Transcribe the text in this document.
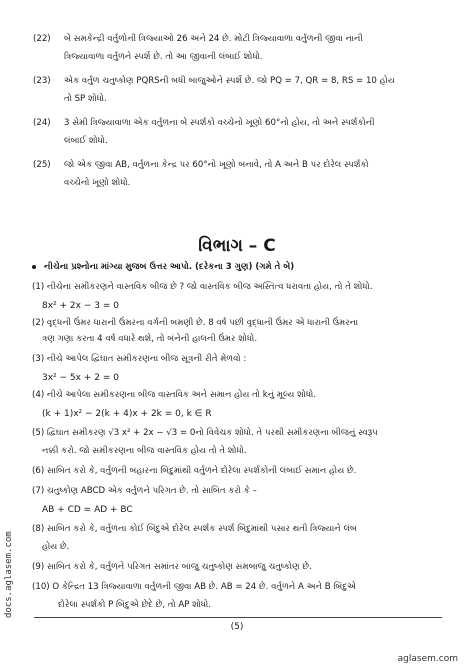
(22) બે સમકેન્દ્રી વર્તુળોની ત્રિજ્યાઓ 26 અને 24 છે. મોટી ત્રિજ્યાવાળા વર્તુળની જીવા નાની
ત્રિજ્યાવાળા વર્તુળને સ્પર્શે છે. તો આ જીવાની લંબાઈ શોધો.
(23) એક વર્તુળ ચતુષ્કોણ PQRSની બધી બાજુઓને સ્પર્શે છે. જો PQ = 7, QR = 8, RS = 10 હોય
તો SP શોધો.
(24) 3 સેમી ત્રિજ્યાવાળા એક વર્તુળના બે સ્પર્શકો વચ્ચેનો ખૂણો 60°નો હોય, તો અને સ્પર્શકોની
લંબાઈ શોધો.
(25) જો એક જીવા AB, વર્તુળના કેન્દ્ર પર 60°નો ખૂણો બનાવે, તો A અને B પર દોરેલ સ્પર્શકો
વચ્ચેનો ખૂણો શોધો.
વિભાગ – C
નીચેના પ્રશ્નોના માંગ્યા મુજબ ઉત્તર આપો. (દરેકના 3 ગુણ) (ગમે તે બે)
(1) નીચેના સમીકરણને વાસ્તવિક બીજ છે ? જો વાસ્તવિક બીજ અસ્તિત્વ ધરાવતા હોય, તો તે શોધો.
8x² + 2x − 3 = 0
(2) વૃદ્ધની ઉંમર ધારાની ઉંમરના વર્ગની બમણી છે. 8 વર્ષ પછી વૃદ્ધાની ઉંમર એ ધારાની ઉંમરના
ત્રણ ગણા કરતા 4 વર્ષ વધારે થશે, તો બંનેની હાલની ઉંમર શોધો.
(3) નીચે આપેલ દ્વિઘાત સમીકરણના બીજ સૂત્રની રીતે મેળવો :
3x² − 5x + 2 = 0
(4) નીચે આપેલા સમીકરણના બીજ વાસ્તવિક અને સમાન હોય તો kનું મૂલ્ય શોધો.
(k + 1)x² − 2(k + 4)x + 2k = 0, k ∈ R
(5) દ્વિઘાત સમીકરણ √3 x² + 2x − √3 = 0નો વિવેચક શોધો. તે પરથી સમીકરણના બીજનું સ્વરૂપ
નક્કી કરો. જો સમીકરણના બીજ વાસ્તવિક હોય તો તે શોધો.
(6) સાબિત કરો કે, વર્તુળની બહારના બિંદુમાંથી વર્તુળને દોરેલા સ્પર્શકોની લંબાઈ સમાન હોય છે.
(7) ચતુષ્કોણ ABCD એક વર્તુળને પરિગત છે. તો સાબિત કરો કે –
AB + CD = AD + BC
(8) સાબિત કરો કે, વર્તુળના કોઈ બિંદુએ દોરેલ સ્પર્શક સ્પર્શ બિંદુમાંથી પસાર થતી ત્રિજ્યાને લંબ
હોય છે.
(9) સાબિત કરો કે, વર્તુળને પરિગત સમાંતર બાજુ ચતુષ્કોણ સમબાજુ ચતુષ્કોણ છે.
(10) O કેન્દ્રિત 13 ત્રિજ્યાવાળા વર્તુળની જીવા AB છે. AB = 24 છે. વર્તુળને A અને B બિંદુએ
દોરેલા સ્પર્શકો P બિંદુએ છેદે છે, તો AP શોધો.
(5)
docs.aglasem.com
aglasem.com
